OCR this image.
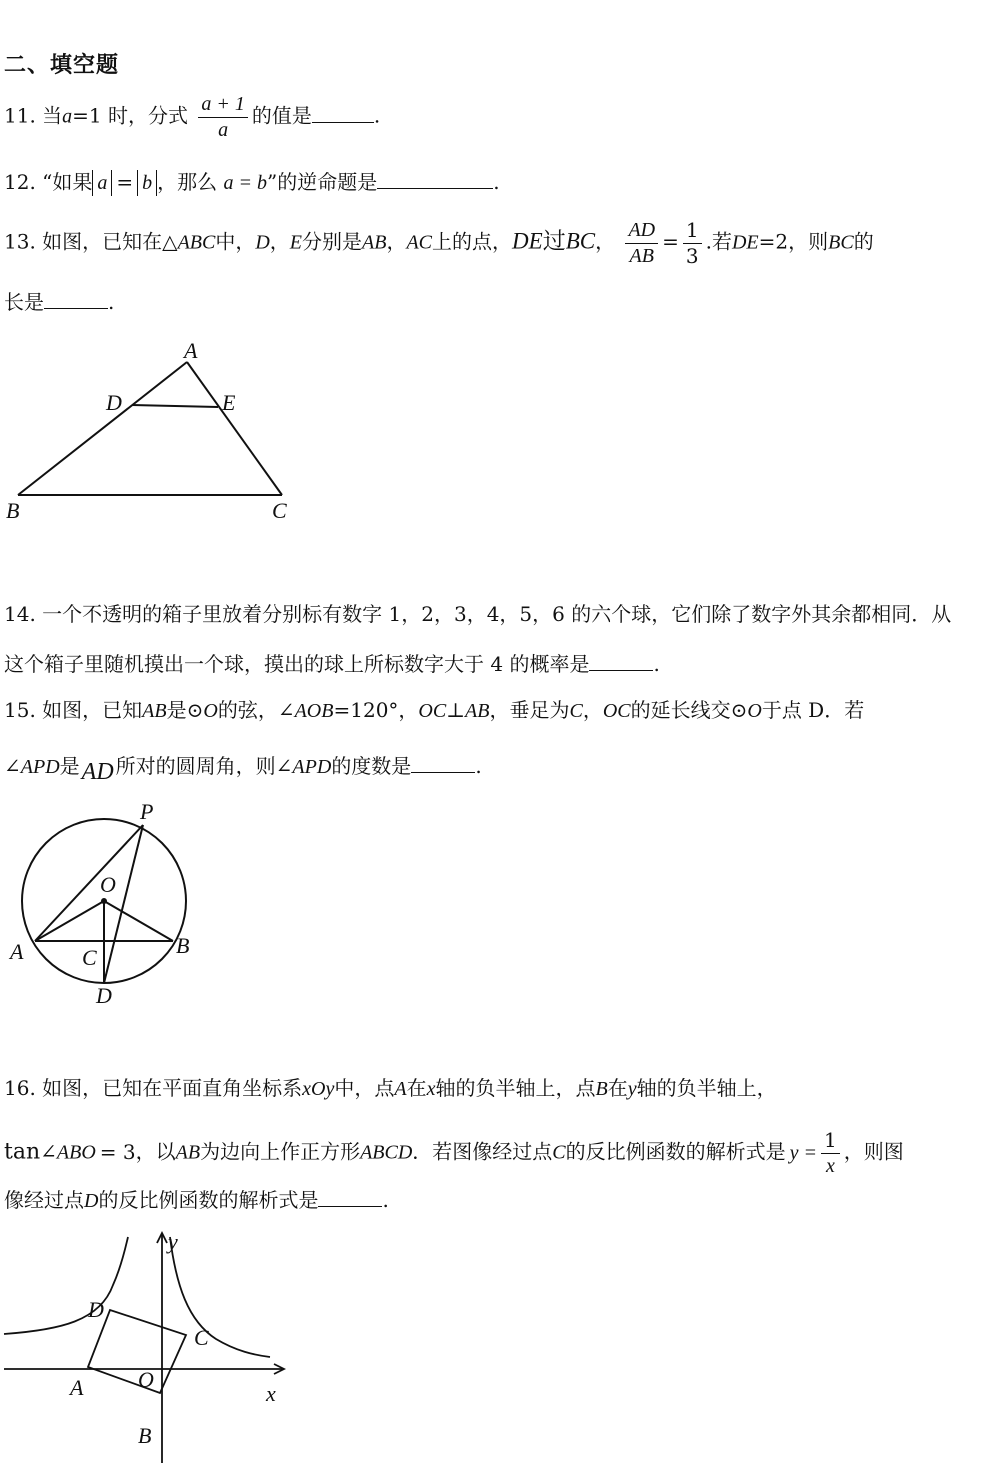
二、填空题
11. 当a=1 时，分式 $\frac{a + 1}{a}$ 的值是	.
12. “如果 a = b ，那么 a = b”的逆命题是	.
13. 如图，已知在△ABC中，D，E分别是AB，AC上的点，DE过BC， $\frac{AD}{AB} = \frac{1}{3}$ .若DE=2，则BC的
长是	.
A
D	E
B	C
14. 一个不透明的箱子里放着分别标有数字 1，2，3，4，5，6 的六个球，它们除了数字外其余都相同．从
这个箱子里随机摸出一个球，摸出的球上所标数字大于 4 的概率是	.
15. 如图，已知AB是⊙O的弦，∠AOB=120°，OC⊥AB，垂足为C，OC的延长线交⊙O于点 D．若
∠APD是AD 所对的圆周角，则∠APD的度数是	.
P
O
A	B
C
D
16. 如图，已知在平面直角坐标系xOy中，点A在x轴的负半轴上，点B在y轴的负半轴上，
tan∠ABO = 3，以AB为边向上作正方形ABCD．若图像经过点C的反比例函数的解析式是 $y = \frac{1}{x}$ ，则图
像经过点D的反比例函数的解析式是	.
y
x
D
C
O
A
B
